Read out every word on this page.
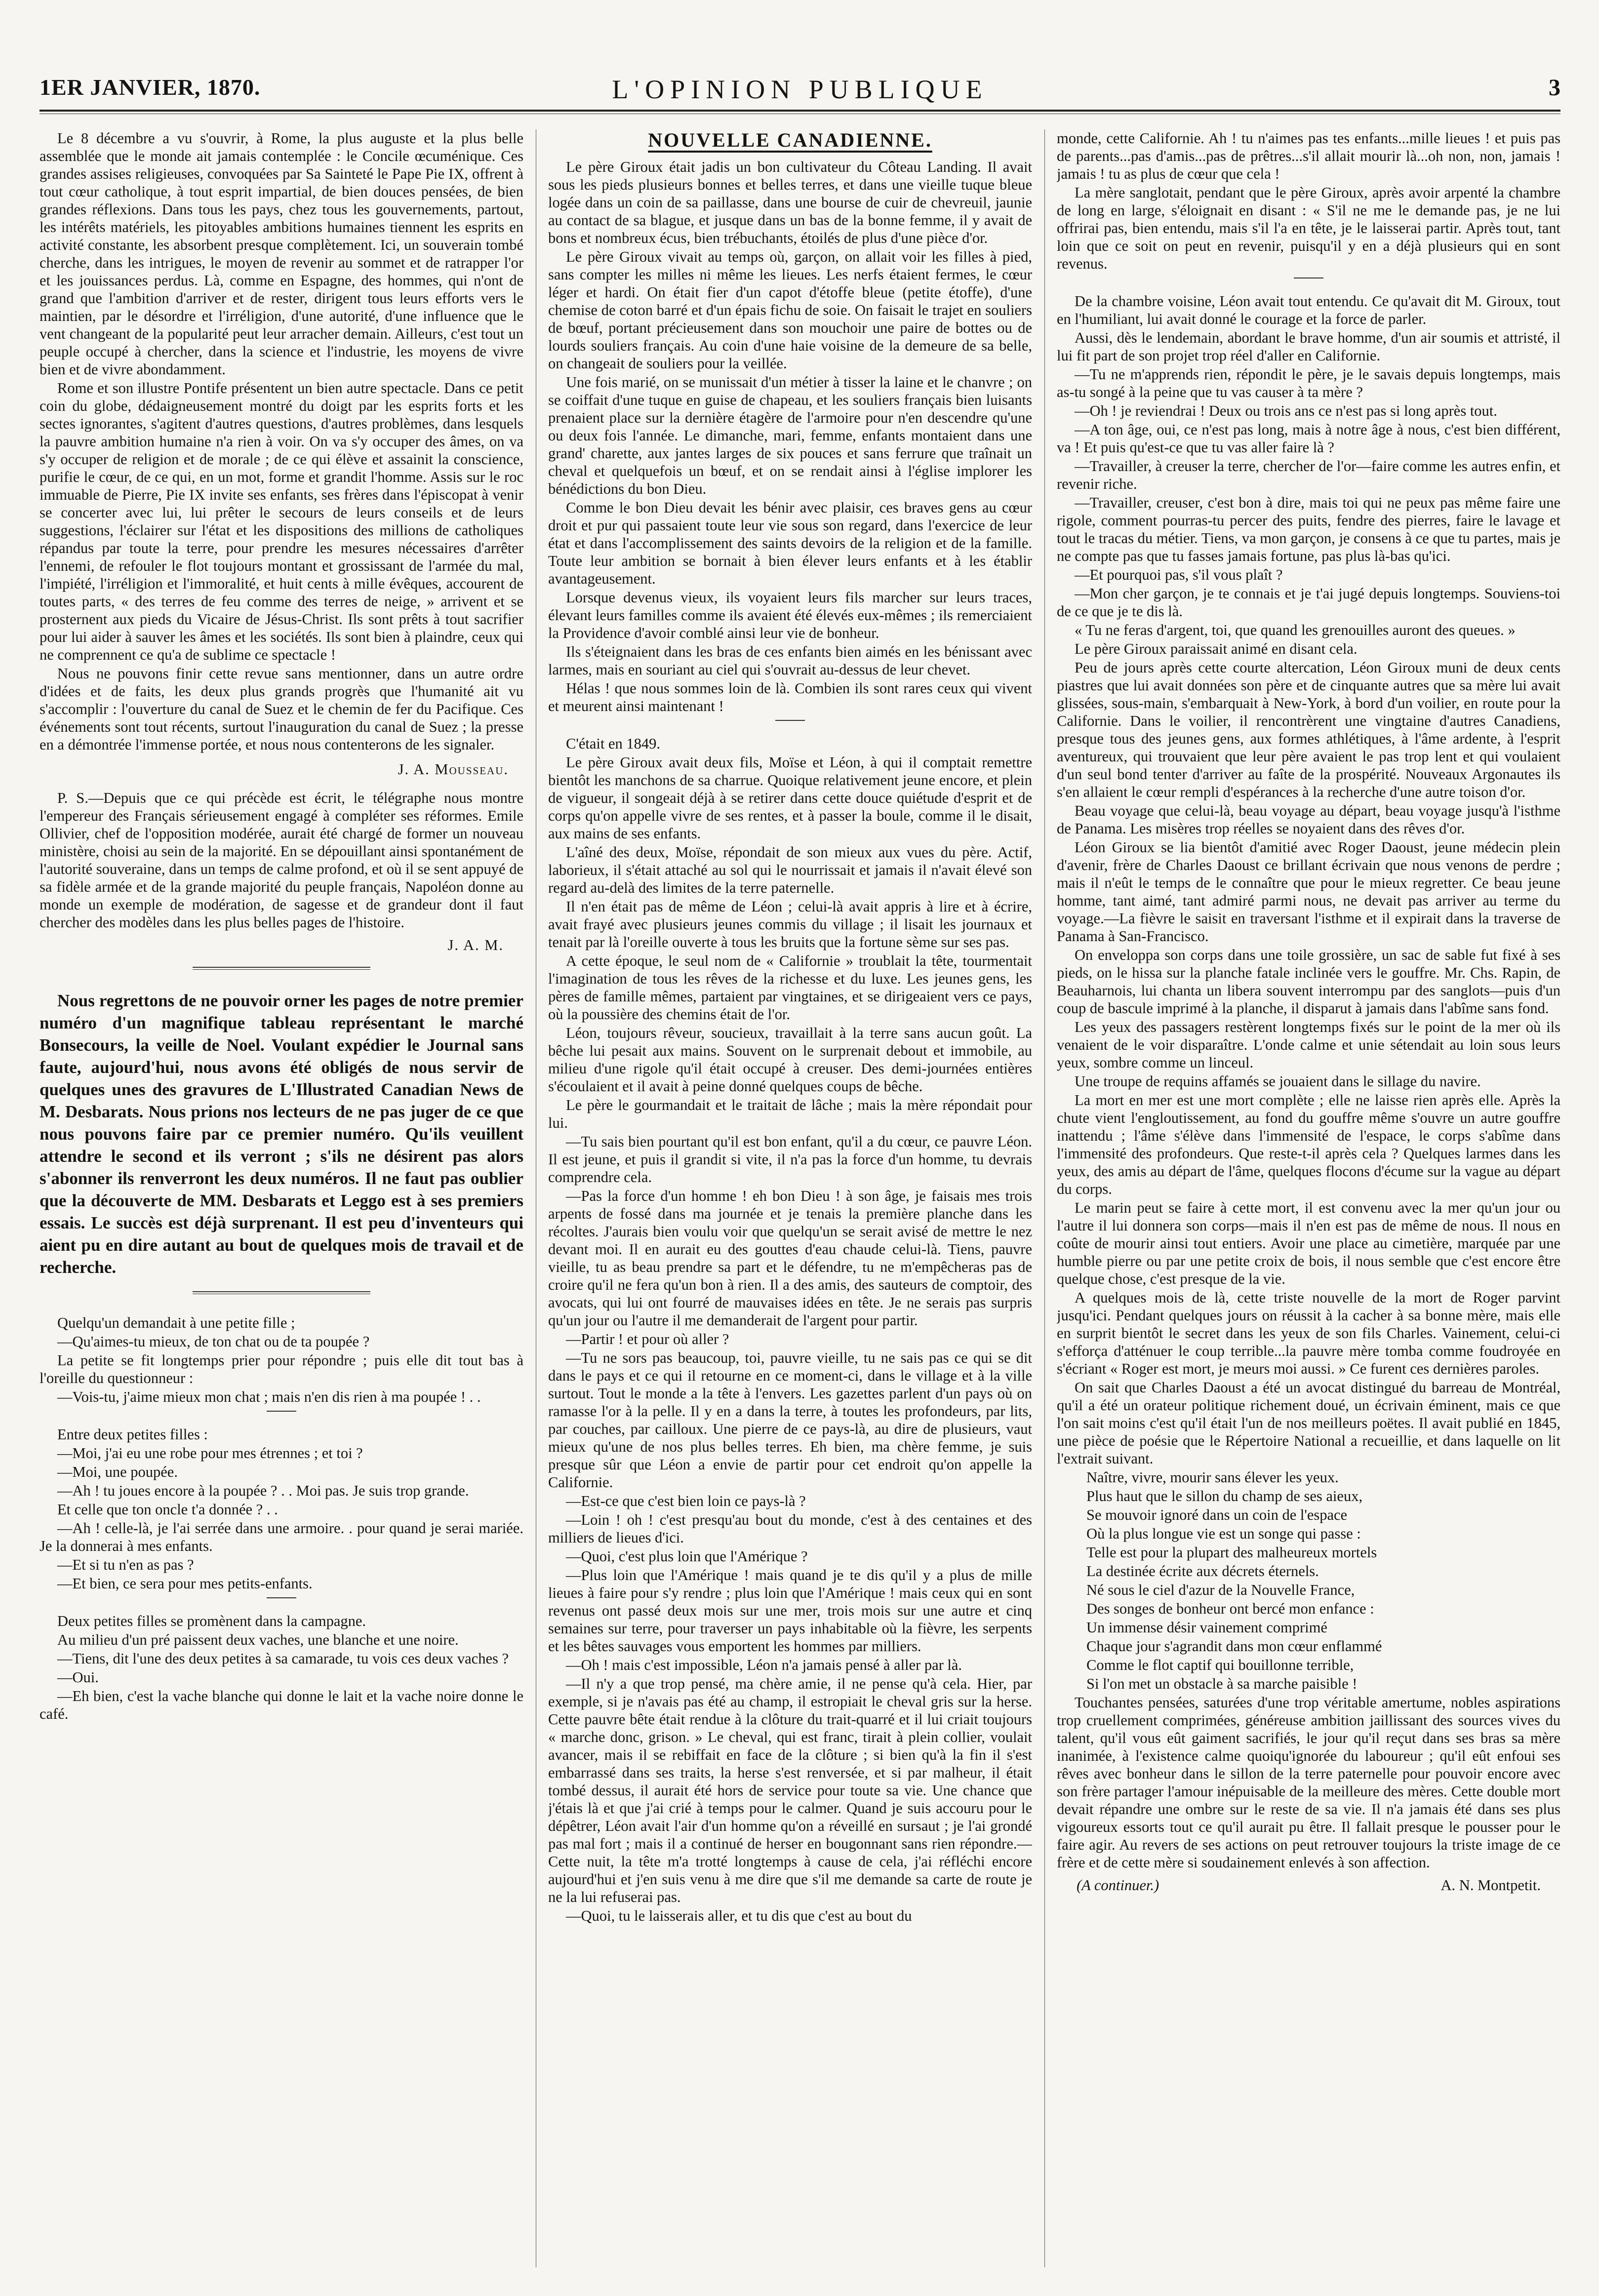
1ER JANVIER, 1870.	L'OPINION PUBLIQUE	3

Le 8 décembre a vu s'ouvrir, à Rome, la plus auguste et la plus belle assemblée que le monde ait jamais contemplée : le Concile œcuménique. Ces grandes assises religieuses, convoquées par Sa Sainteté le Pape Pie IX, offrent à tout cœur catholique, à tout esprit impartial, de bien douces pensées, de bien grandes réflexions. Dans tous les pays, chez tous les gouvernements, partout, les intérêts matériels, les pitoyables ambitions humaines tiennent les esprits en activité constante, les absorbent presque complètement. Ici, un souverain tombé cherche, dans les intrigues, le moyen de revenir au sommet et de ratrapper l'or et les jouissances perdus. Là, comme en Espagne, des hommes, qui n'ont de grand que l'ambition d'arriver et de rester, dirigent tous leurs efforts vers le maintien, par le désordre et l'irréligion, d'une autorité, d'une influence que le vent changeant de la popularité peut leur arracher demain. Ailleurs, c'est tout un peuple occupé à chercher, dans la science et l'industrie, les moyens de vivre bien et de vivre abondamment.

Rome et son illustre Pontife présentent un bien autre spectacle. Dans ce petit coin du globe, dédaigneusement montré du doigt par les esprits forts et les sectes ignorantes, s'agitent d'autres questions, d'autres problèmes, dans lesquels la pauvre ambition humaine n'a rien à voir. On va s'y occuper des âmes, on va s'y occuper de religion et de morale ; de ce qui élève et assainit la conscience, purifie le cœur, de ce qui, en un mot, forme et grandit l'homme. Assis sur le roc immuable de Pierre, Pie IX invite ses enfants, ses frères dans l'épiscopat à venir se concerter avec lui, lui prêter le secours de leurs conseils et de leurs suggestions, l'éclairer sur l'état et les dispositions des millions de catholiques répandus par toute la terre, pour prendre les mesures nécessaires d'arrêter l'ennemi, de refouler le flot toujours montant et grossissant de l'armée du mal, l'impiété, l'irréligion et l'immoralité, et huit cents à mille évêques, accourent de toutes parts, « des terres de feu comme des terres de neige, » arrivent et se prosternent aux pieds du Vicaire de Jésus-Christ. Ils sont prêts à tout sacrifier pour lui aider à sauver les âmes et les sociétés. Ils sont bien à plaindre, ceux qui ne comprennent ce qu'a de sublime ce spectacle !

Nous ne pouvons finir cette revue sans mentionner, dans un autre ordre d'idées et de faits, les deux plus grands progrès que l'humanité ait vu s'accomplir : l'ouverture du canal de Suez et le chemin de fer du Pacifique. Ces événements sont tout récents, surtout l'inauguration du canal de Suez ; la presse en a démontrée l'immense portée, et nous nous contenterons de les signaler.

J. A. Mousseau.

P. S.—Depuis que ce qui précède est écrit, le télégraphe nous montre l'empereur des Français sérieusement engagé à compléter ses réformes. Emile Ollivier, chef de l'opposition modérée, aurait été chargé de former un nouveau ministère, choisi au sein de la majorité. En se dépouillant ainsi spontanément de l'autorité souveraine, dans un temps de calme profond, et où il se sent appuyé de sa fidèle armée et de la grande majorité du peuple français, Napoléon donne au monde un exemple de modération, de sagesse et de grandeur dont il faut chercher des modèles dans les plus belles pages de l'histoire.

J. A. M.

Nous regrettons de ne pouvoir orner les pages de notre premier numéro d'un magnifique tableau représentant le marché Bonsecours, la veille de Noel. Voulant expédier le Journal sans faute, aujourd'hui, nous avons été obligés de nous servir de quelques unes des gravures de L'Illustrated Canadian News de M. Desbarats. Nous prions nos lecteurs de ne pas juger de ce que nous pouvons faire par ce premier numéro. Qu'ils veuillent attendre le second et ils verront ; s'ils ne désirent pas alors s'abonner ils renverront les deux numéros. Il ne faut pas oublier que la découverte de MM. Desbarats et Leggo est à ses premiers essais. Le succès est déjà surprenant. Il est peu d'inventeurs qui aient pu en dire autant au bout de quelques mois de travail et de recherche.

Quelqu'un demandait à une petite fille ;

—Qu'aimes-tu mieux, de ton chat ou de ta poupée ?

La petite se fit longtemps prier pour répondre ; puis elle dit tout bas à l'oreille du questionneur :

—Vois-tu, j'aime mieux mon chat ; mais n'en dis rien à ma poupée ! . .

Entre deux petites filles :

—Moi, j'ai eu une robe pour mes étrennes ; et toi ?

—Moi, une poupée.

—Ah ! tu joues encore à la poupée ? . . Moi pas. Je suis trop grande.

Et celle que ton oncle t'a donnée ? . .

—Ah ! celle-là, je l'ai serrée dans une armoire. . pour quand je serai mariée. Je la donnerai à mes enfants.

—Et si tu n'en as pas ?

—Et bien, ce sera pour mes petits-enfants.

Deux petites filles se promènent dans la campagne.

Au milieu d'un pré paissent deux vaches, une blanche et une noire.

—Tiens, dit l'une des deux petites à sa camarade, tu vois ces deux vaches ?

—Oui.

—Eh bien, c'est la vache blanche qui donne le lait et la vache noire donne le café.

NOUVELLE CANADIENNE.

Le père Giroux était jadis un bon cultivateur du Côteau Landing. Il avait sous les pieds plusieurs bonnes et belles terres, et dans une vieille tuque bleue logée dans un coin de sa paillasse, dans une bourse de cuir de chevreuil, jaunie au contact de sa blague, et jusque dans un bas de la bonne femme, il y avait de bons et nombreux écus, bien trébuchants, étoilés de plus d'une pièce d'or.

Le père Giroux vivait au temps où, garçon, on allait voir les filles à pied, sans compter les milles ni même les lieues. Les nerfs étaient fermes, le cœur léger et hardi. On était fier d'un capot d'étoffe bleue (petite étoffe), d'une chemise de coton barré et d'un épais fichu de soie. On faisait le trajet en souliers de bœuf, portant précieusement dans son mouchoir une paire de bottes ou de lourds souliers français. Au coin d'une haie voisine de la demeure de sa belle, on changeait de souliers pour la veillée.

Une fois marié, on se munissait d'un métier à tisser la laine et le chanvre ; on se coiffait d'une tuque en guise de chapeau, et les souliers français bien luisants prenaient place sur la dernière étagère de l'armoire pour n'en descendre qu'une ou deux fois l'année. Le dimanche, mari, femme, enfants montaient dans une grand' charette, aux jantes larges de six pouces et sans ferrure que traînait un cheval et quelquefois un bœuf, et on se rendait ainsi à l'église implorer les bénédictions du bon Dieu.

Comme le bon Dieu devait les bénir avec plaisir, ces braves gens au cœur droit et pur qui passaient toute leur vie sous son regard, dans l'exercice de leur état et dans l'accomplissement des saints devoirs de la religion et de la famille. Toute leur ambition se bornait à bien élever leurs enfants et à les établir avantageusement.

Lorsque devenus vieux, ils voyaient leurs fils marcher sur leurs traces, élevant leurs familles comme ils avaient été élevés eux-mêmes ; ils remerciaient la Providence d'avoir comblé ainsi leur vie de bonheur.

Ils s'éteignaient dans les bras de ces enfants bien aimés en les bénissant avec larmes, mais en souriant au ciel qui s'ouvrait au-dessus de leur chevet.

Hélas ! que nous sommes loin de là. Combien ils sont rares ceux qui vivent et meurent ainsi maintenant !

C'était en 1849.

Le père Giroux avait deux fils, Moïse et Léon, à qui il comptait remettre bientôt les manchons de sa charrue. Quoique relativement jeune encore, et plein de vigueur, il songeait déjà à se retirer dans cette douce quiétude d'esprit et de corps qu'on appelle vivre de ses rentes, et à passer la boule, comme il le disait, aux mains de ses enfants.

L'aîné des deux, Moïse, répondait de son mieux aux vues du père. Actif, laborieux, il s'était attaché au sol qui le nourrissait et jamais il n'avait élevé son regard au-delà des limites de la terre paternelle.

Il n'en était pas de même de Léon ; celui-là avait appris à lire et à écrire, avait frayé avec plusieurs jeunes commis du village ; il lisait les journaux et tenait par là l'oreille ouverte à tous les bruits que la fortune sème sur ses pas.

A cette époque, le seul nom de « Californie » troublait la tête, tourmentait l'imagination de tous les rêves de la richesse et du luxe. Les jeunes gens, les pères de famille mêmes, partaient par vingtaines, et se dirigeaient vers ce pays, où la poussière des chemins était de l'or.

Léon, toujours rêveur, soucieux, travaillait à la terre sans aucun goût. La bêche lui pesait aux mains. Souvent on le surprenait debout et immobile, au milieu d'une rigole qu'il était occupé à creuser. Des demi-journées entières s'écoulaient et il avait à peine donné quelques coups de bêche.

Le père le gourmandait et le traitait de lâche ; mais la mère répondait pour lui.

—Tu sais bien pourtant qu'il est bon enfant, qu'il a du cœur, ce pauvre Léon. Il est jeune, et puis il grandit si vite, il n'a pas la force d'un homme, tu devrais comprendre cela.

—Pas la force d'un homme ! eh bon Dieu ! à son âge, je faisais mes trois arpents de fossé dans ma journée et je tenais la première planche dans les récoltes. J'aurais bien voulu voir que quelqu'un se serait avisé de mettre le nez devant moi. Il en aurait eu des gouttes d'eau chaude celui-là. Tiens, pauvre vieille, tu as beau prendre sa part et le défendre, tu ne m'empêcheras pas de croire qu'il ne fera qu'un bon à rien. Il a des amis, des sauteurs de comptoir, des avocats, qui lui ont fourré de mauvaises idées en tête. Je ne serais pas surpris qu'un jour ou l'autre il me demanderait de l'argent pour partir.

—Partir ! et pour où aller ?

—Tu ne sors pas beaucoup, toi, pauvre vieille, tu ne sais pas ce qui se dit dans le pays et ce qui il retourne en ce moment-ci, dans le village et à la ville surtout. Tout le monde a la tête à l'envers. Les gazettes parlent d'un pays où on ramasse l'or à la pelle. Il y en a dans la terre, à toutes les profondeurs, par lits, par couches, par cailloux. Une pierre de ce pays-là, au dire de plusieurs, vaut mieux qu'une de nos plus belles terres. Eh bien, ma chère femme, je suis presque sûr que Léon a envie de partir pour cet endroit qu'on appelle la Californie.

—Est-ce que c'est bien loin ce pays-là ?

—Loin ! oh ! c'est presqu'au bout du monde, c'est à des centaines et des milliers de lieues d'ici.

—Quoi, c'est plus loin que l'Amérique ?

—Plus loin que l'Amérique ! mais quand je te dis qu'il y a plus de mille lieues à faire pour s'y rendre ; plus loin que l'Amérique ! mais ceux qui en sont revenus ont passé deux mois sur une mer, trois mois sur une autre et cinq semaines sur terre, pour traverser un pays inhabitable où la fièvre, les serpents et les bêtes sauvages vous emportent les hommes par milliers.

—Oh ! mais c'est impossible, Léon n'a jamais pensé à aller par là.

—Il n'y a que trop pensé, ma chère amie, il ne pense qu'à cela. Hier, par exemple, si je n'avais pas été au champ, il estropiait le cheval gris sur la herse. Cette pauvre bête était rendue à la clôture du trait-quarré et il lui criait toujours « marche donc, grison. » Le cheval, qui est franc, tirait à plein collier, voulait avancer, mais il se rebiffait en face de la clôture ; si bien qu'à la fin il s'est embarrassé dans ses traits, la herse s'est renversée, et si par malheur, il était tombé dessus, il aurait été hors de service pour toute sa vie. Une chance que j'étais là et que j'ai crié à temps pour le calmer. Quand je suis accouru pour le dépêtrer, Léon avait l'air d'un homme qu'on a réveillé en sursaut ; je l'ai grondé pas mal fort ; mais il a continué de herser en bougonnant sans rien répondre.—Cette nuit, la tête m'a trotté longtemps à cause de cela, j'ai réfléchi encore aujourd'hui et j'en suis venu à me dire que s'il me demande sa carte de route je ne la lui refuserai pas.

—Quoi, tu le laisserais aller, et tu dis que c'est au bout du

monde, cette Californie. Ah ! tu n'aimes pas tes enfants...mille lieues ! et puis pas de parents...pas d'amis...pas de prêtres...s'il allait mourir là...oh non, non, jamais ! jamais ! tu as plus de cœur que cela !

La mère sanglotait, pendant que le père Giroux, après avoir arpenté la chambre de long en large, s'éloignait en disant : « S'il ne me le demande pas, je ne lui offrirai pas, bien entendu, mais s'il l'a en tête, je le laisserai partir. Après tout, tant loin que ce soit on peut en revenir, puisqu'il y en a déjà plusieurs qui en sont revenus.

De la chambre voisine, Léon avait tout entendu. Ce qu'avait dit M. Giroux, tout en l'humiliant, lui avait donné le courage et la force de parler.

Aussi, dès le lendemain, abordant le brave homme, d'un air soumis et attristé, il lui fit part de son projet trop réel d'aller en Californie.

—Tu ne m'apprends rien, répondit le père, je le savais depuis longtemps, mais as-tu songé à la peine que tu vas causer à ta mère ?

—Oh ! je reviendrai ! Deux ou trois ans ce n'est pas si long après tout.

—A ton âge, oui, ce n'est pas long, mais à notre âge à nous, c'est bien différent, va ! Et puis qu'est-ce que tu vas aller faire là ?

—Travailler, à creuser la terre, chercher de l'or—faire comme les autres enfin, et revenir riche.

—Travailler, creuser, c'est bon à dire, mais toi qui ne peux pas même faire une rigole, comment pourras-tu percer des puits, fendre des pierres, faire le lavage et tout le tracas du métier. Tiens, va mon garçon, je consens à ce que tu partes, mais je ne compte pas que tu fasses jamais fortune, pas plus là-bas qu'ici.

—Et pourquoi pas, s'il vous plaît ?

—Mon cher garçon, je te connais et je t'ai jugé depuis longtemps. Souviens-toi de ce que je te dis là.

« Tu ne feras d'argent, toi, que quand les grenouilles auront des queues. »

Le père Giroux paraissait animé en disant cela.

Peu de jours après cette courte altercation, Léon Giroux muni de deux cents piastres que lui avait données son père et de cinquante autres que sa mère lui avait glissées, sous-main, s'embarquait à New-York, à bord d'un voilier, en route pour la Californie. Dans le voilier, il rencontrèrent une vingtaine d'autres Canadiens, presque tous des jeunes gens, aux formes athlétiques, à l'âme ardente, à l'esprit aventureux, qui trouvaient que leur père avaient le pas trop lent et qui voulaient d'un seul bond tenter d'arriver au faîte de la prospérité. Nouveaux Argonautes ils s'en allaient le cœur rempli d'espérances à la recherche d'une autre toison d'or.

Beau voyage que celui-là, beau voyage au départ, beau voyage jusqu'à l'isthme de Panama. Les misères trop réelles se noyaient dans des rêves d'or.

Léon Giroux se lia bientôt d'amitié avec Roger Daoust, jeune médecin plein d'avenir, frère de Charles Daoust ce brillant écrivain que nous venons de perdre ; mais il n'eût le temps de le connaître que pour le mieux regretter. Ce beau jeune homme, tant aimé, tant admiré parmi nous, ne devait pas arriver au terme du voyage.—La fièvre le saisit en traversant l'isthme et il expirait dans la traverse de Panama à San-Francisco.

On enveloppa son corps dans une toile grossière, un sac de sable fut fixé à ses pieds, on le hissa sur la planche fatale inclinée vers le gouffre. Mr. Chs. Rapin, de Beauharnois, lui chanta un libera souvent interrompu par des sanglots—puis d'un coup de bascule imprimé à la planche, il disparut à jamais dans l'abîme sans fond.

Les yeux des passagers restèrent longtemps fixés sur le point de la mer où ils venaient de le voir disparaître. L'onde calme et unie sétendait au loin sous leurs yeux, sombre comme un linceul.

Une troupe de requins affamés se jouaient dans le sillage du navire.

La mort en mer est une mort complète ; elle ne laisse rien après elle. Après la chute vient l'engloutissement, au fond du gouffre même s'ouvre un autre gouffre inattendu ; l'âme s'élève dans l'immensité de l'espace, le corps s'abîme dans l'immensité des profondeurs. Que reste-t-il après cela ? Quelques larmes dans les yeux, des amis au départ de l'âme, quelques flocons d'écume sur la vague au départ du corps.

Le marin peut se faire à cette mort, il est convenu avec la mer qu'un jour ou l'autre il lui donnera son corps—mais il n'en est pas de même de nous. Il nous en coûte de mourir ainsi tout entiers. Avoir une place au cimetière, marquée par une humble pierre ou par une petite croix de bois, il nous semble que c'est encore être quelque chose, c'est presque de la vie.

A quelques mois de là, cette triste nouvelle de la mort de Roger parvint jusqu'ici. Pendant quelques jours on réussit à la cacher à sa bonne mère, mais elle en surprit bientôt le secret dans les yeux de son fils Charles. Vainement, celui-ci s'efforça d'atténuer le coup terrible...la pauvre mère tomba comme foudroyée en s'écriant « Roger est mort, je meurs moi aussi. » Ce furent ces dernières paroles.

On sait que Charles Daoust a été un avocat distingué du barreau de Montréal, qu'il a été un orateur politique richement doué, un écrivain éminent, mais ce que l'on sait moins c'est qu'il était l'un de nos meilleurs poëtes. Il avait publié en 1845, une pièce de poésie que le Répertoire National a recueillie, et dans laquelle on lit l'extrait suivant.

Naître, vivre, mourir sans élever les yeux.

Plus haut que le sillon du champ de ses aieux,

Se mouvoir ignoré dans un coin de l'espace

Où la plus longue vie est un songe qui passe :

Telle est pour la plupart des malheureux mortels

La destinée écrite aux décrets éternels.

Né sous le ciel d'azur de la Nouvelle France,

Des songes de bonheur ont bercé mon enfance :

Un immense désir vainement comprimé

Chaque jour s'agrandit dans mon cœur enflammé

Comme le flot captif qui bouillonne terrible,

Si l'on met un obstacle à sa marche paisible !

Touchantes pensées, saturées d'une trop véritable amertume, nobles aspirations trop cruellement comprimées, généreuse ambition jaillissant des sources vives du talent, qu'il vous eût gaiment sacrifiés, le jour qu'il reçut dans ses bras sa mère inanimée, à l'existence calme quoiqu'ignorée du laboureur ; qu'il eût enfoui ses rêves avec bonheur dans le sillon de la terre paternelle pour pouvoir encore avec son frère partager l'amour inépuisable de la meilleure des mères. Cette double mort devait répandre une ombre sur le reste de sa vie. Il n'a jamais été dans ses plus vigoureux essorts tout ce qu'il aurait pu être. Il fallait presque le pousser pour le faire agir. Au revers de ses actions on peut retrouver toujours la triste image de ce frère et de cette mère si soudainement enlevés à son affection.

(A continuer.)	A. N. Montpetit.
